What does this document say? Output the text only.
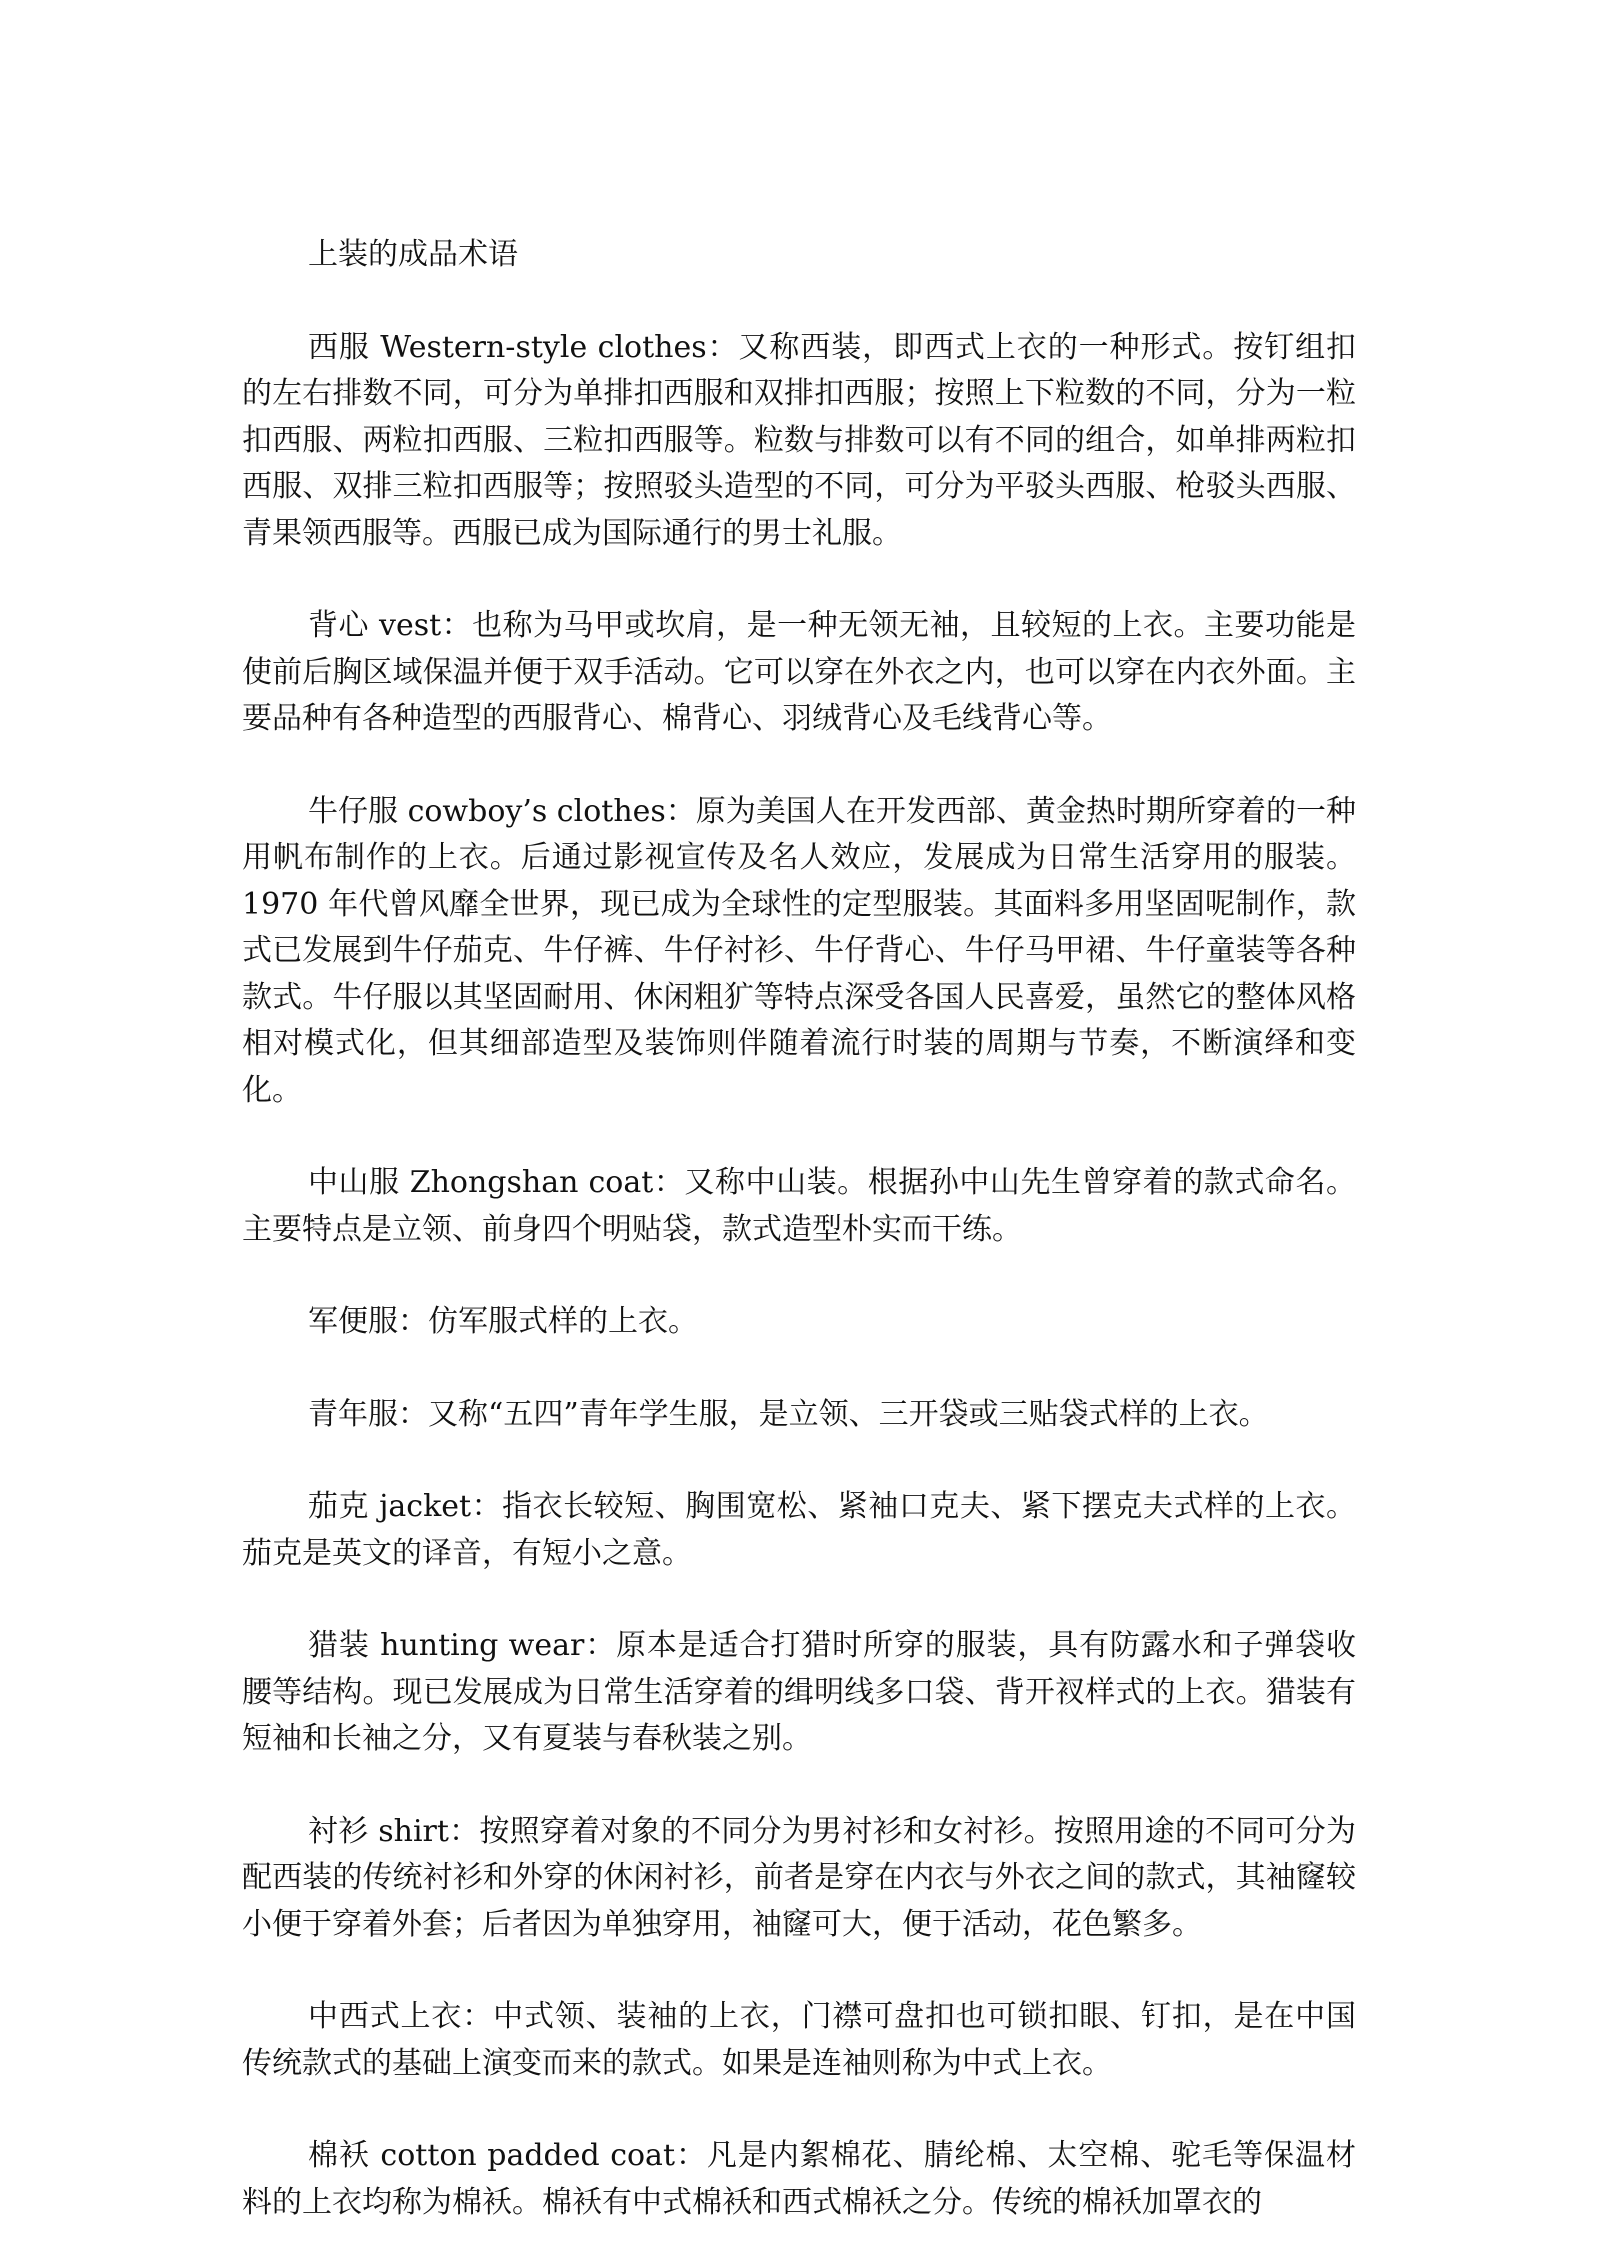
上装的成品术语

西服 Western-style clothes：又称西装，即西式上衣的一种形式。按钉组扣的左右排数不同，可分为单排扣西服和双排扣西服；按照上下粒数的不同，分为一粒扣西服、两粒扣西服、三粒扣西服等。粒数与排数可以有不同的组合，如单排两粒扣西服、双排三粒扣西服等；按照驳头造型的不同，可分为平驳头西服、枪驳头西服、青果领西服等。西服已成为国际通行的男士礼服。

背心 vest：也称为马甲或坎肩，是一种无领无袖，且较短的上衣。主要功能是使前后胸区域保温并便于双手活动。它可以穿在外衣之内，也可以穿在内衣外面。主要品种有各种造型的西服背心、棉背心、羽绒背心及毛线背心等。

牛仔服 cowboy’s clothes：原为美国人在开发西部、黄金热时期所穿着的一种用帆布制作的上衣。后通过影视宣传及名人效应，发展成为日常生活穿用的服装。1970 年代曾风靡全世界，现已成为全球性的定型服装。其面料多用坚固呢制作，款式已发展到牛仔茄克、牛仔裤、牛仔衬衫、牛仔背心、牛仔马甲裙、牛仔童装等各种款式。牛仔服以其坚固耐用、休闲粗犷等特点深受各国人民喜爱，虽然它的整体风格相对模式化，但其细部造型及装饰则伴随着流行时装的周期与节奏，不断演绎和变化。

中山服 Zhongshan coat：又称中山装。根据孙中山先生曾穿着的款式命名。主要特点是立领、前身四个明贴袋，款式造型朴实而干练。

军便服：仿军服式样的上衣。

青年服：又称“五四”青年学生服，是立领、三开袋或三贴袋式样的上衣。

茄克 jacket：指衣长较短、胸围宽松、紧袖口克夫、紧下摆克夫式样的上衣。茄克是英文的译音，有短小之意。

猎装 hunting wear：原本是适合打猎时所穿的服装，具有防露水和子弹袋收腰等结构。现已发展成为日常生活穿着的缉明线多口袋、背开衩样式的上衣。猎装有短袖和长袖之分，又有夏装与春秋装之别。

衬衫 shirt：按照穿着对象的不同分为男衬衫和女衬衫。按照用途的不同可分为配西装的传统衬衫和外穿的休闲衬衫，前者是穿在内衣与外衣之间的款式，其袖窿较小便于穿着外套；后者因为单独穿用，袖窿可大，便于活动，花色繁多。

中西式上衣：中式领、装袖的上衣，门襟可盘扣也可锁扣眼、钉扣，是在中国传统款式的基础上演变而来的款式。如果是连袖则称为中式上衣。

棉袄 cotton padded coat：凡是内絮棉花、腈纶棉、太空棉、驼毛等保温材料的上衣均称为棉袄。棉袄有中式棉袄和西式棉袄之分。传统的棉袄加罩衣的
